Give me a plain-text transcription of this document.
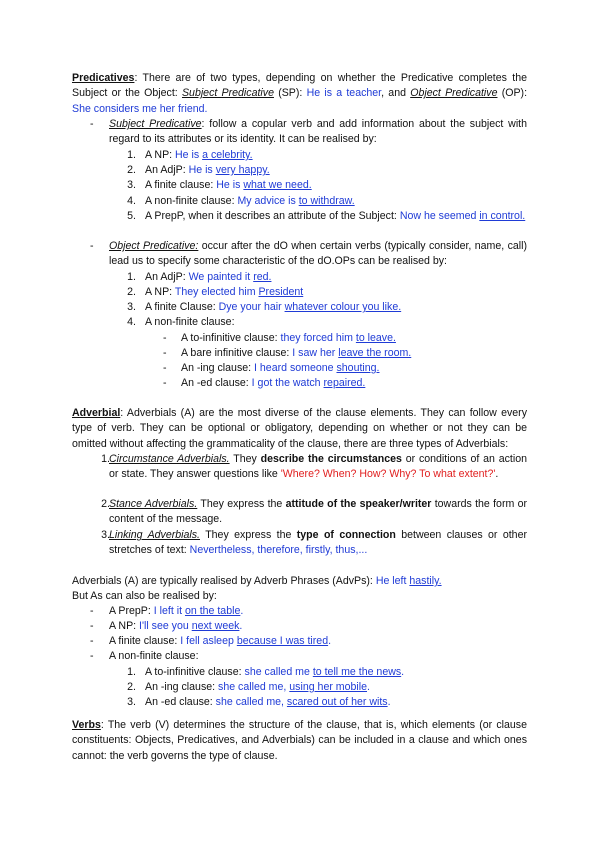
Predicatives: There are of two types, depending on whether the Predicative completes the Subject or the Object: Subject Predicative (SP): He is a teacher, and Object Predicative (OP): She considers me her friend.
- Subject Predicative: follow a copular verb and add information about the subject with regard to its attributes or its identity. It can be realised by:
1. A NP: He is a celebrity.
2. An AdjP: He is very happy.
3. A finite clause: He is what we need.
4. A non-finite clause: My advice is to withdraw.
5. A PrepP, when it describes an attribute of the Subject: Now he seemed in control.
- Object Predicative: occur after the dO when certain verbs (typically consider, name, call) lead us to specify some characteristic of the dO.OPs can be realised by:
1. An AdjP: We painted it red.
2. A NP: They elected him President
3. A finite Clause: Dye your hair whatever colour you like.
4. A non-finite clause:
- A to-infinitive clause: they forced him to leave.
- A bare infinitive clause: I saw her leave the room.
- An -ing clause: I heard someone shouting.
- An -ed clause: I got the watch repaired.
Adverbial: Adverbials (A) are the most diverse of the clause elements. They can follow every type of verb. They can be optional or obligatory, depending on whether or not they can be omitted without affecting the grammaticality of the clause, there are three types of Adverbials:
1. Circumstance Adverbials. They describe the circumstances or conditions of an action or state. They answer questions like 'Where? When? How? Why? To what extent?'.
2. Stance Adverbials. They express the attitude of the speaker/writer towards the form or content of the message.
3. Linking Adverbials. They express the type of connection between clauses or other stretches of text: Nevertheless, therefore, firstly, thus,...
Adverbials (A) are typically realised by Adverb Phrases (AdvPs): He left hastily.
But As can also be realised by:
- A PrepP: I left it on the table.
- A NP: I'll see you next week.
- A finite clause: I fell asleep because I was tired.
- A non-finite clause:
1. A to-infinitive clause: she called me to tell me the news.
2. An -ing clause: she called me, using her mobile.
3. An -ed clause: she called me, scared out of her wits.
Verbs: The verb (V) determines the structure of the clause, that is, which elements (or clause constituents: Objects, Predicatives, and Adverbials) can be included in a clause and which ones cannot: the verb governs the type of clause.
